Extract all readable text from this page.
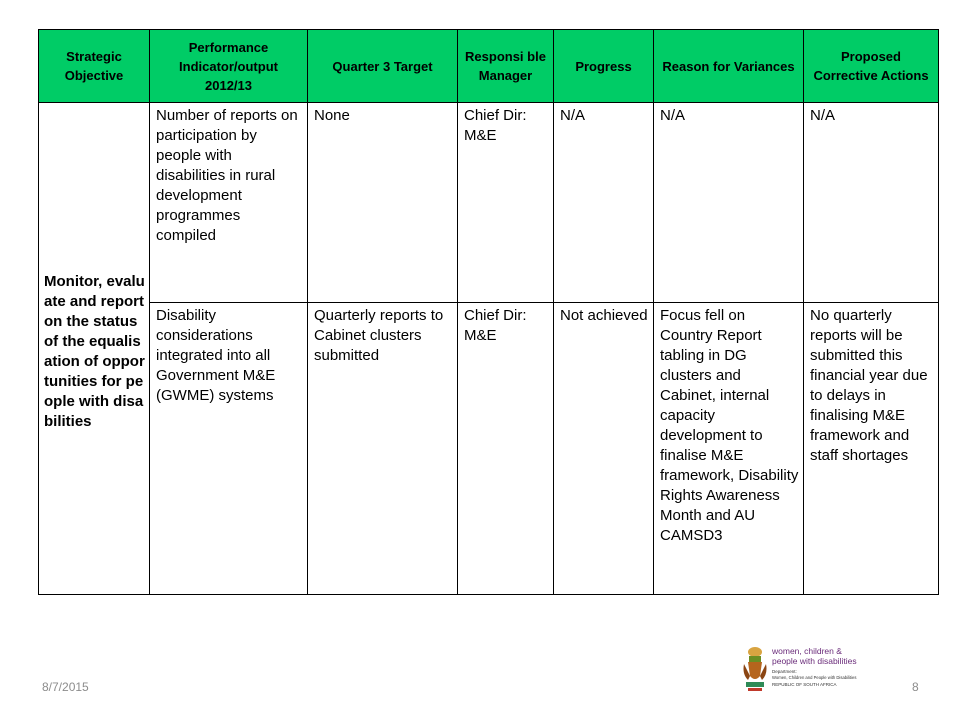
Strategic Objective	Performance Indicator/output 2012/13	Quarter 3 Target	Responsi ble Manager	Progress	Reason for Variances	Proposed Corrective Actions
Monitor, evaluate and report on the status of the equalisation of opportunities for people with disabilities	Number of reports on participation by people with disabilities in rural development programmes compiled	None	Chief Dir: M&E	N/A	N/A	N/A
	Disability considerations integrated into all Government M&E (GWME) systems	Quarterly reports to Cabinet clusters submitted	Chief Dir: M&E	Not achieved	Focus fell on Country Report tabling in DG clusters and Cabinet, internal capacity development to finalise M&E framework, Disability Rights Awareness Month and AU CAMSD3	No quarterly reports will be submitted this financial year due to delays in finalising M&E framework and staff shortages
8/7/2015	8
women, children &
people with disabilities
Department:
Women, Children and People with Disabilities
REPUBLIC OF SOUTH AFRICA
